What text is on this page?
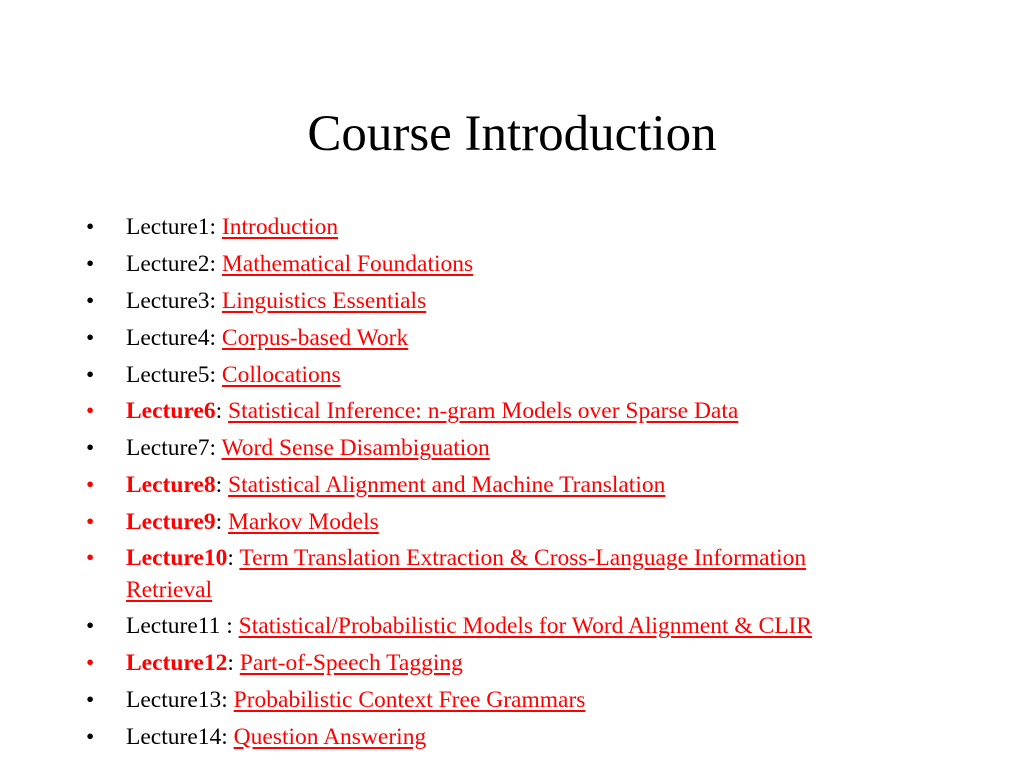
Course Introduction
•	Lecture1: Introduction
•	Lecture2: Mathematical Foundations
•	Lecture3: Linguistics Essentials
•	Lecture4: Corpus-based Work
•	Lecture5: Collocations
•	Lecture6: Statistical Inference: n-gram Models over Sparse Data
•	Lecture7: Word Sense Disambiguation
•	Lecture8: Statistical Alignment and Machine Translation
•	Lecture9: Markov Models
•	Lecture10: Term Translation Extraction & Cross-Language Information Retrieval
•	Lecture11 : Statistical/Probabilistic Models for Word Alignment & CLIR
•	Lecture12: Part-of-Speech Tagging
•	Lecture13: Probabilistic Context Free Grammars
•	Lecture14: Question Answering
